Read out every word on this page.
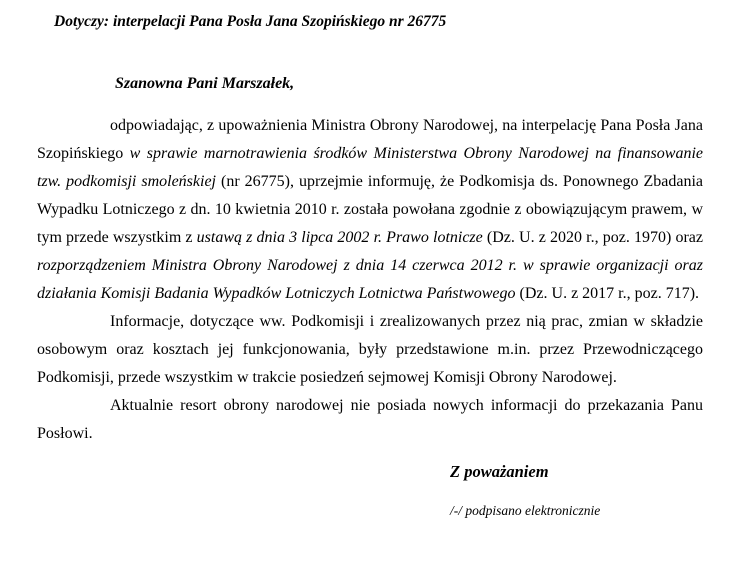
Dotyczy: interpelacji Pana Posła Jana Szopińskiego nr 26775
Szanowna Pani Marszałek,

odpowiadając, z upoważnienia Ministra Obrony Narodowej, na interpelację Pana Posła Jana Szopińskiego w sprawie marnotrawienia środków Ministerstwa Obrony Narodowej na finansowanie tzw. podkomisji smoleńskiej (nr 26775), uprzejmie informuję, że Podkomisja ds. Ponownego Zbadania Wypadku Lotniczego z dn. 10 kwietnia 2010 r. została powołana zgodnie z obowiązującym prawem, w tym przede wszystkim z ustawą z dnia 3 lipca 2002 r. Prawo lotnicze (Dz. U. z 2020 r., poz. 1970) oraz rozporządzeniem Ministra Obrony Narodowej z dnia 14 czerwca 2012 r. w sprawie organizacji oraz działania Komisji Badania Wypadków Lotniczych Lotnictwa Państwowego (Dz. U. z 2017 r., poz. 717).

Informacje, dotyczące ww. Podkomisji i zrealizowanych przez nią prac, zmian w składzie osobowym oraz kosztach jej funkcjonowania, były przedstawione m.in. przez Przewodniczącego Podkomisji, przede wszystkim w trakcie posiedzeń sejmowej Komisji Obrony Narodowej.

Aktualnie resort obrony narodowej nie posiada nowych informacji do przekazania Panu Posłowi.

Z poważaniem
/-/ podpisano elektronicznie
